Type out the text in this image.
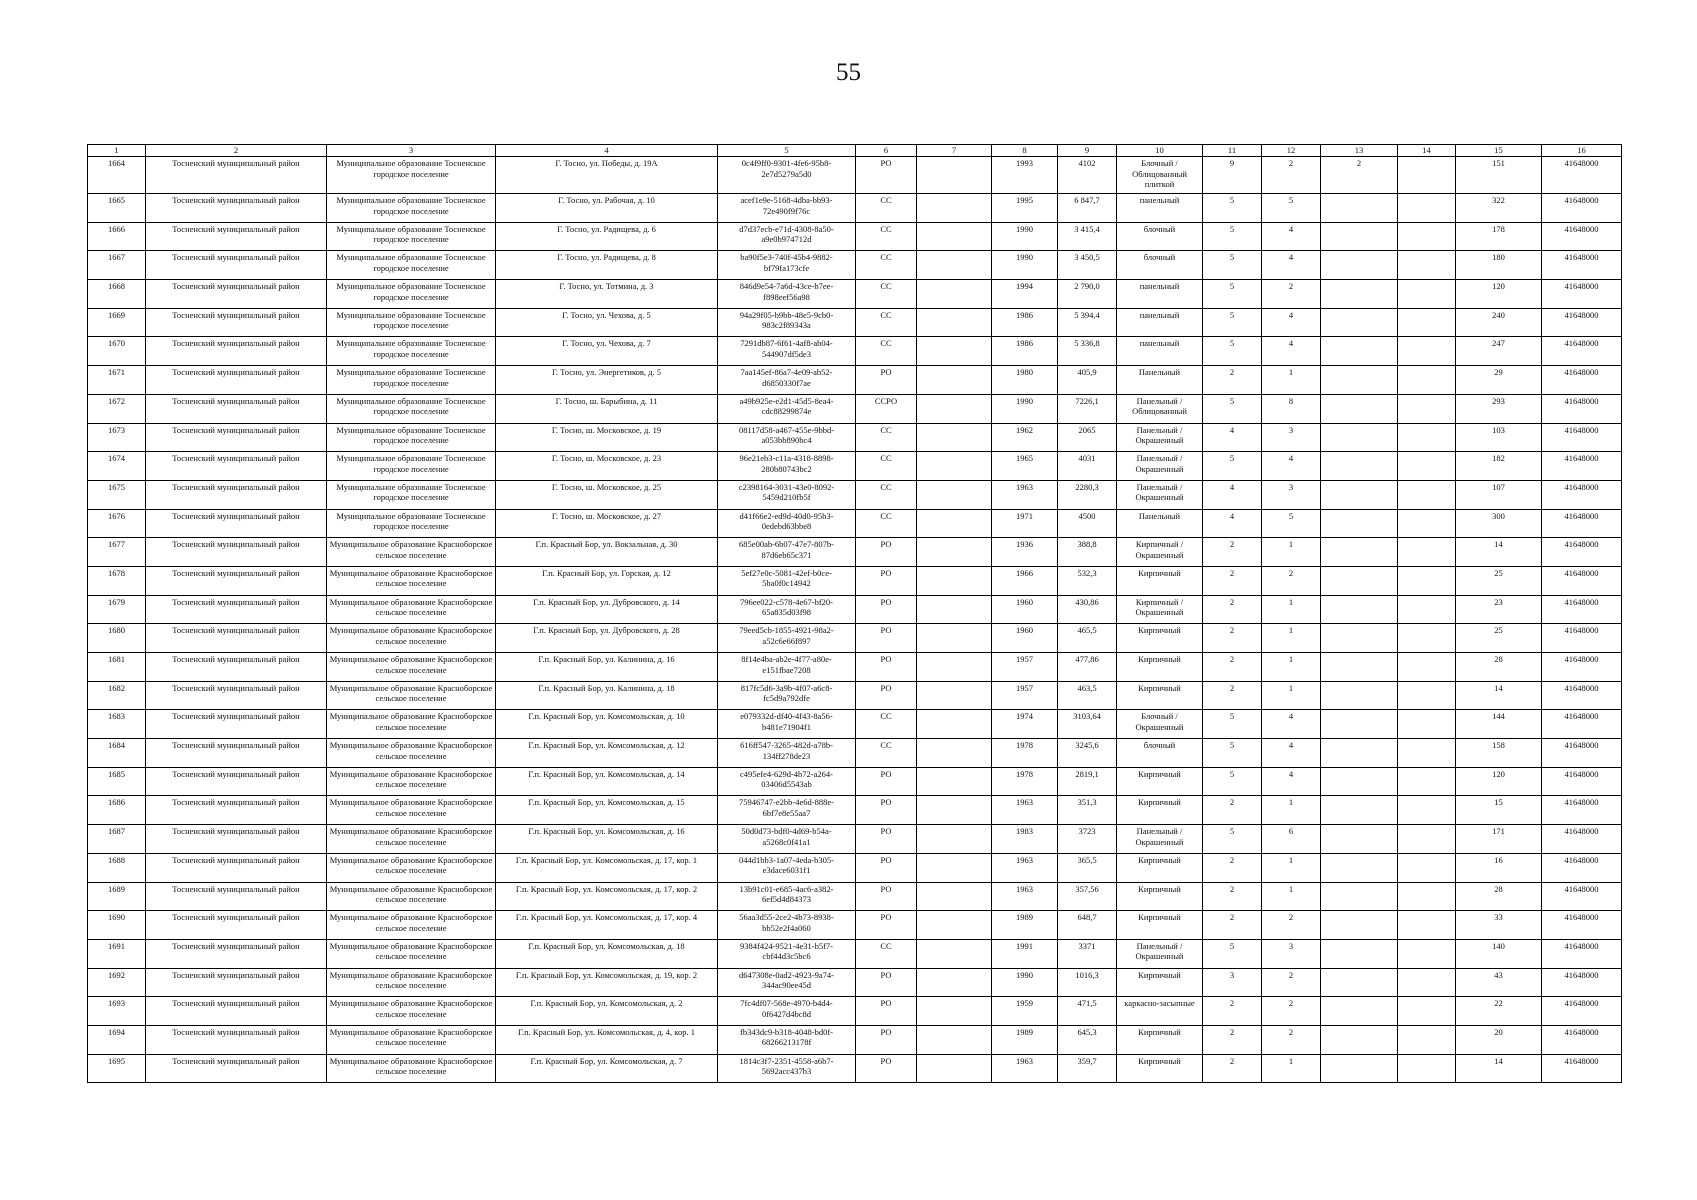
55
1	2	3	4	5	6	7	8	9	10	11	12	13	14	15	16
1664	Тосненский муниципальный район	Муниципальное образование Тосненское городское поселение	Г. Тосно, ул. Победы, д. 19А	0c4f9ff0-9301-4fe6-95b8-2e7d5279a5d0	РО		1993	4102	Блочный / Облицованный плиткой	9	2	2		151	41648000
1665	Тосненский муниципальный район	Муниципальное образование Тосненское городское поселение	Г. Тосно, ул. Рабочая, д. 10	acef1e9e-5168-4dba-bb93-72e490f9f76c	СС		1995	6 847,7	панельный	5	5			322	41648000
1666	Тосненский муниципальный район	Муниципальное образование Тосненское городское поселение	Г. Тосно, ул. Радищева, д. 6	d7d37ecb-e71d-4308-8a50-a9e0b974712d	СС		1990	3 415,4	блочный	5	4			178	41648000
1667	Тосненский муниципальный район	Муниципальное образование Тосненское городское поселение	Г. Тосно, ул. Радищева, д. 8	ba90f5e3-740f-45b4-9882-bf79fa173cfe	СС		1990	3 450,5	блочный	5	4			180	41648000
1668	Тосненский муниципальный район	Муниципальное образование Тосненское городское поселение	Г. Тосно, ул. Тотмина, д. 3	846d9e54-7a6d-43ce-b7ee-f898eef56a98	СС		1994	2 790,0	панельный	5	2			120	41648000
1669	Тосненский муниципальный район	Муниципальное образование Тосненское городское поселение	Г. Тосно, ул. Чехова, д. 5	94a29f05-b9bb-48e5-9cb0-983c2f89343a	СС		1986	5 394,4	панельный	5	4			240	41648000
1670	Тосненский муниципальный район	Муниципальное образование Тосненское городское поселение	Г. Тосно, ул. Чехова, д. 7	7291db87-6f61-4af8-ab04-544907df5de3	СС		1986	5 336,8	панельный	5	4			247	41648000
1671	Тосненский муниципальный район	Муниципальное образование Тосненское городское поселение	Г. Тосно, ул. Энергетиков, д. 5	7aa145ef-86a7-4e09-ab52-d6850330f7ae	РО		1980	405,9	Панельный	2	1			29	41648000
1672	Тосненский муниципальный район	Муниципальное образование Тосненское городское поселение	Г. Тосно, ш. Барыбина, д. 11	a49b925e-e2d1-45d5-8ea4-cdc88299874e	ССРО		1990	7226,1	Панельный / Облицованный	5	8			293	41648000
1673	Тосненский муниципальный район	Муниципальное образование Тосненское городское поселение	Г. Тосно, ш. Московское, д. 19	08117d58-a467-455e-9bbd-a053bb890bc4	СС		1962	2065	Панельный / Окрашенный	4	3			103	41648000
1674	Тосненский муниципальный район	Муниципальное образование Тосненское городское поселение	Г. Тосно, ш. Московское, д. 23	96e21eb3-c11a-4318-8898-280b80743bc2	СС		1965	4031	Панельный / Окрашенный	5	4			182	41648000
1675	Тосненский муниципальный район	Муниципальное образование Тосненское городское поселение	Г. Тосно, ш. Московское, д. 25	c2398164-3031-43e0-8092-5459d210fb5f	СС		1963	2280,3	Панельный / Окрашенный	4	3			107	41648000
1676	Тосненский муниципальный район	Муниципальное образование Тосненское городское поселение	Г. Тосно, ш. Московское, д. 27	d41f66e2-ed9d-40d0-95b3-0edebd63bbe8	СС		1971	4500	Панельный	4	5			300	41648000
1677	Тосненский муниципальный район	Муниципальное образование Красноборское сельское поселение	Г.п. Красный Бор, ул. Вокзальная, д. 30	685e00ab-6b07-47e7-807b-87d6eb65c371	РО		1936	388,8	Кирпичный / Окрашенный	2	1			14	41648000
1678	Тосненский муниципальный район	Муниципальное образование Красноборское сельское поселение	Г.п. Красный Бор, ул. Горская, д. 12	5ef27e0c-5081-42ef-b0ce-5ba0f0c14942	РО		1966	532,3	Кирпичный	2	2			25	41648000
1679	Тосненский муниципальный район	Муниципальное образование Красноборское сельское поселение	Г.п. Красный Бор, ул. Дубровского, д. 14	796ee022-c578-4e67-bf20-65a835d03f98	РО		1960	430,86	Кирпичный / Окрашенный	2	1			23	41648000
1680	Тосненский муниципальный район	Муниципальное образование Красноборское сельское поселение	Г.п. Красный Бор, ул. Дубровского, д. 28	79eed5cb-1855-4921-98a2-a52c6e66f897	РО		1960	465,5	Кирпичный	2	1			25	41648000
1681	Тосненский муниципальный район	Муниципальное образование Красноборское сельское поселение	Г.п. Красный Бор, ул. Калинина, д. 16	8f14e4ba-ab2e-4f77-a80e-e151fbae7208	РО		1957	477,86	Кирпичный	2	1			28	41648000
1682	Тосненский муниципальный район	Муниципальное образование Красноборское сельское поселение	Г.п. Красный Бор, ул. Калинина, д. 18	817fc5d6-3a9b-4f07-a6c8-fc5d9a792dfe	РО		1957	463,5	Кирпичный	2	1			14	41648000
1683	Тосненский муниципальный район	Муниципальное образование Красноборское сельское поселение	Г.п. Красный Бор, ул. Комсомольская, д. 10	e079332d-df40-4f43-8a56-b481e71904f1	СС		1974	3103,64	Блочный / Окрашенный	5	4			144	41648000
1684	Тосненский муниципальный район	Муниципальное образование Красноборское сельское поселение	Г.п. Красный Бор, ул. Комсомольская, д. 12	616ff547-3265-482d-a78b-134ff278de23	СС		1978	3245,6	блочный	5	4			158	41648000
1685	Тосненский муниципальный район	Муниципальное образование Красноборское сельское поселение	Г.п. Красный Бор, ул. Комсомольская, д. 14	c495efe4-629d-4b72-a264-03406d5543ab	РО		1978	2819,1	Кирпичный	5	4			120	41648000
1686	Тосненский муниципальный район	Муниципальное образование Красноборское сельское поселение	Г.п. Красный Бор, ул. Комсомольская, д. 15	75946747-e2bb-4e6d-888e-6bf7e8e55aa7	РО		1963	351,3	Кирпичный	2	1			15	41648000
1687	Тосненский муниципальный район	Муниципальное образование Красноборское сельское поселение	Г.п. Красный Бор, ул. Комсомольская, д. 16	50d0d73-bdf0-4d69-b54a-a5268c0f41a1	РО		1983	3723	Панельный / Окрашенный	5	6			171	41648000
1688	Тосненский муниципальный район	Муниципальное образование Красноборское сельское поселение	Г.п. Красный Бор, ул. Комсомольская, д. 17, кор. 1	044d1bb3-1a07-4eda-b305-e3dace6031f1	РО		1963	365,5	Кирпичный	2	1			16	41648000
1689	Тосненский муниципальный район	Муниципальное образование Красноборское сельское поселение	Г.п. Красный Бор, ул. Комсомольская, д. 17, кор. 2	13b91c01-e685-4ac6-a382-6ef5d4d84373	РО		1963	357,56	Кирпичный	2	1			28	41648000
1690	Тосненский муниципальный район	Муниципальное образование Красноборское сельское поселение	Г.п. Красный Бор, ул. Комсомольская, д. 17, кор. 4	56aa3d55-2ce2-4b73-8938-bb52e2f4a060	РО		1989	648,7	Кирпичный	2	2			33	41648000
1691	Тосненский муниципальный район	Муниципальное образование Красноборское сельское поселение	Г.п. Красный Бор, ул. Комсомольская, д. 18	9384f424-9521-4e31-b5f7-cbf44d3c5bc6	СС		1991	3371	Панельный / Окрашенный	5	3			140	41648000
1692	Тосненский муниципальный район	Муниципальное образование Красноборское сельское поселение	Г.п. Красный Бор, ул. Комсомольская, д. 19, кор. 2	d647308e-0ad2-4923-9a74-344ac90ee45d	РО		1990	1016,3	Кирпичный	3	2			43	41648000
1693	Тосненский муниципальный район	Муниципальное образование Красноборское сельское поселение	Г.п. Красный Бор, ул. Комсомольская, д. 2	7fc4df07-568e-4970-b4d4-0f6427d4bc8d	РО		1959	471,5	каркасно-засыпные	2	2			22	41648000
1694	Тосненский муниципальный район	Муниципальное образование Красноборское сельское поселение	Г.п. Красный Бор, ул. Комсомольская, д. 4, кор. 1	fb343dc9-b318-4048-bd0f-68266213178f	РО		1989	645,3	Кирпичный	2	2			20	41648000
1695	Тосненский муниципальный район	Муниципальное образование Красноборское сельское поселение	Г.п. Красный Бор, ул. Комсомольская, д. 7	1814c3f7-2351-4558-a6b7-5692acc437b3	РО		1963	359,7	Кирпичный	2	1			14	41648000
